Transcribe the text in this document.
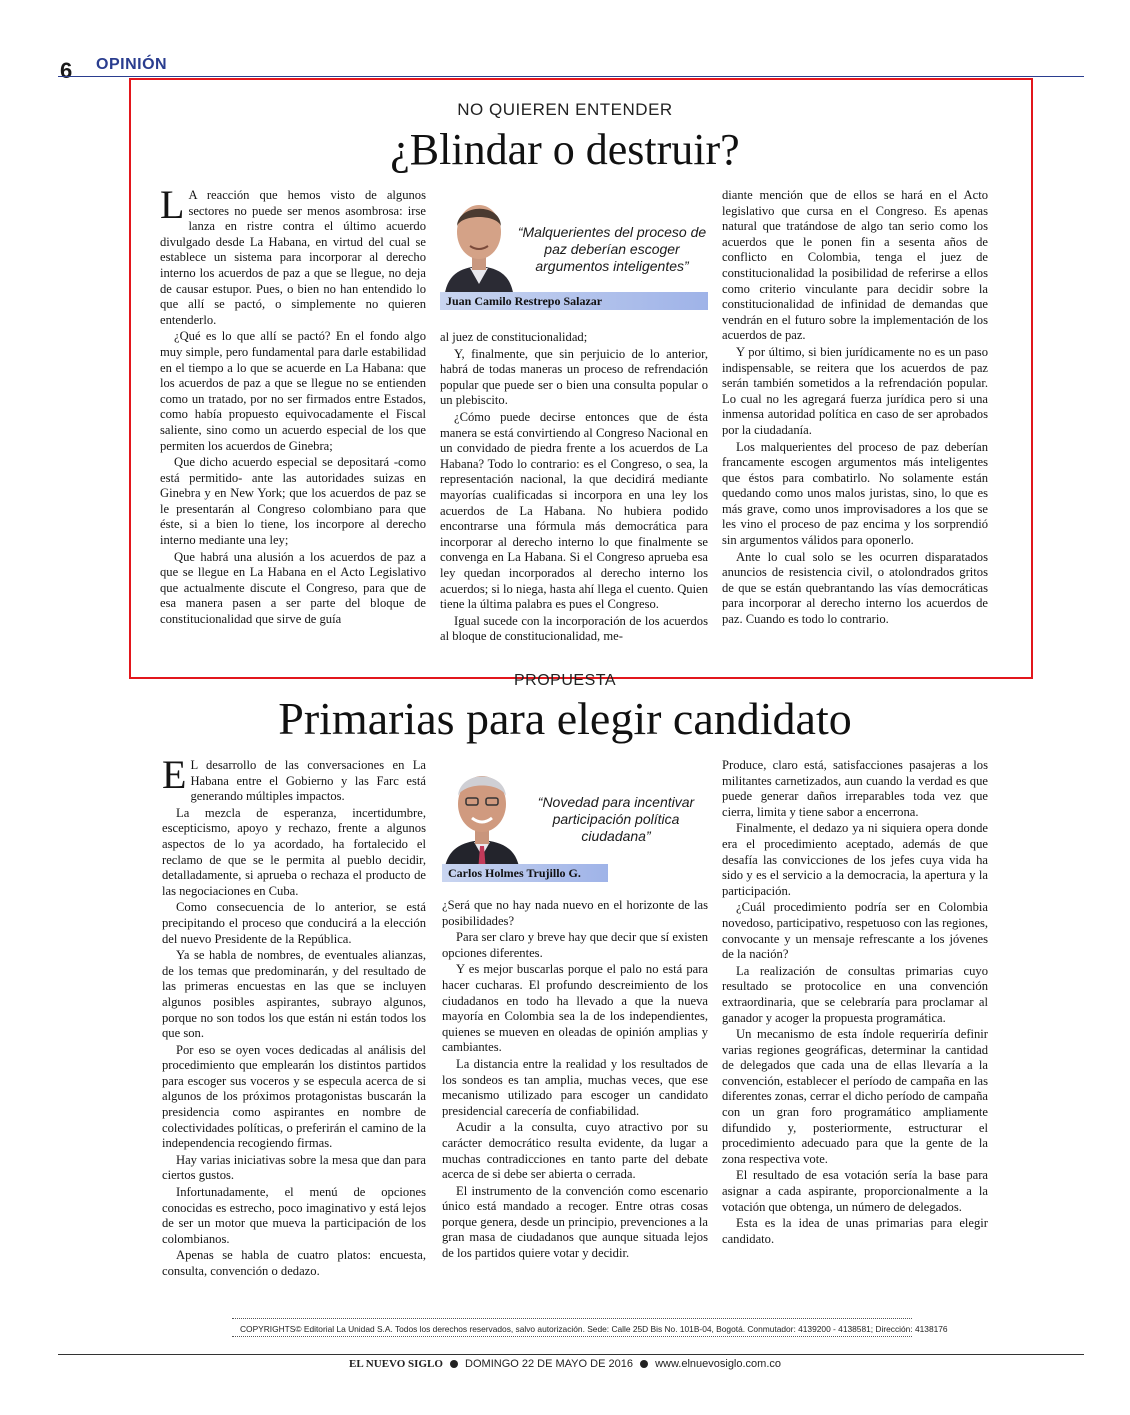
6 OPINIÓN
NO QUIEREN ENTENDER
¿Blindar o destruir?

L A reacción que hemos visto de algunos sectores no puede ser menos asombrosa: irse lanza en ristre contra el último acuerdo divulgado desde La Habana, en virtud del cual se establece un sistema para incorporar al derecho interno los acuerdos de paz a que se llegue, no deja de causar estupor. Pues, o bien no han entendido lo que allí se pactó, o simplemente no quieren entenderlo.

¿Qué es lo que allí se pactó? En el fondo algo muy simple, pero fundamental para darle estabilidad en el tiempo a lo que se acuerde en La Habana: que los acuerdos de paz a que se llegue no se entienden como un tratado, por no ser firmados entre Estados, como había propuesto equivocadamente el Fiscal saliente, sino como un acuerdo especial de los que permiten los acuerdos de Ginebra;

Que dicho acuerdo especial se depositará -como está permitido- ante las autoridades suizas en Ginebra y en New York; que los acuerdos de paz se le presentarán al Congreso colombiano para que éste, si a bien lo tiene, los incorpore al derecho interno mediante una ley;

Que habrá una alusión a los acuerdos de paz a que se llegue en La Habana en el Acto Legislativo que actualmente discute el Congreso, para que de esa manera pasen a ser parte del bloque de constitucionalidad que sirve de guía

“Malquerientes del proceso de paz deberían escoger argumentos inteligentes”
Juan Camilo Restrepo Salazar

al juez de constitucionalidad;

Y, finalmente, que sin perjuicio de lo anterior, habrá de todas maneras un proceso de refrendación popular que puede ser o bien una consulta popular o un plebiscito.

¿Cómo puede decirse entonces que de ésta manera se está convirtiendo al Congreso Nacional en un convidado de piedra frente a los acuerdos de La Habana? Todo lo contrario: es el Congreso, o sea, la representación nacional, la que decidirá mediante mayorías cualificadas si incorpora en una ley los acuerdos de La Habana. No hubiera podido encontrarse una fórmula más democrática para incorporar al derecho interno lo que finalmente se convenga en La Habana. Si el Congreso aprueba esa ley quedan incorporados al derecho interno los acuerdos; si lo niega, hasta ahí llega el cuento. Quien tiene la última palabra es pues el Congreso.

Igual sucede con la incorporación de los acuerdos al bloque de constitucionalidad, me-

diante mención que de ellos se hará en el Acto legislativo que cursa en el Congreso. Es apenas natural que tratándose de algo tan serio como los acuerdos que le ponen fin a sesenta años de conflicto en Colombia, tenga el juez de constitucionalidad la posibilidad de referirse a ellos como criterio vinculante para decidir sobre la constitucionalidad de infinidad de demandas que vendrán en el futuro sobre la implementación de los acuerdos de paz.

Y por último, si bien jurídicamente no es un paso indispensable, se reitera que los acuerdos de paz serán también sometidos a la refrendación popular. Lo cual no les agregará fuerza jurídica pero si una inmensa autoridad política en caso de ser aprobados por la ciudadanía.

Los malquerientes del proceso de paz deberían francamente escogen argumentos más inteligentes que éstos para combatirlo. No solamente están quedando como unos malos juristas, sino, lo que es más grave, como unos improvisadores a los que se les vino el proceso de paz encima y los sorprendió sin argumentos válidos para oponerlo.

Ante lo cual solo se les ocurren disparatados anuncios de resistencia civil, o atolondrados gritos de que se están quebrantando las vías democráticas para incorporar al derecho interno los acuerdos de paz. Cuando es todo lo contrario.

PROPUESTA
Primarias para elegir candidato

E L desarrollo de las conversaciones en La Habana entre el Gobierno y las Farc está generando múltiples impactos.

La mezcla de esperanza, incertidumbre, escepticismo, apoyo y rechazo, frente a algunos aspectos de lo ya acordado, ha fortalecido el reclamo de que se le permita al pueblo decidir, detalladamente, si aprueba o rechaza el producto de las negociaciones en Cuba.

Como consecuencia de lo anterior, se está precipitando el proceso que conducirá a la elección del nuevo Presidente de la República.

Ya se habla de nombres, de eventuales alianzas, de los temas que predominarán, y del resultado de las primeras encuestas en las que se incluyen algunos posibles aspirantes, subrayo algunos, porque no son todos los que están ni están todos los que son.

Por eso se oyen voces dedicadas al análisis del procedimiento que emplearán los distintos partidos para escoger sus voceros y se especula acerca de si algunos de los próximos protagonistas buscarán la presidencia como aspirantes en nombre de colectividades políticas, o preferirán el camino de la independencia recogiendo firmas.

Hay varias iniciativas sobre la mesa que dan para ciertos gustos.

Infortunadamente, el menú de opciones conocidas es estrecho, poco imaginativo y está lejos de ser un motor que mueva la participación de los colombianos.

Apenas se habla de cuatro platos: encuesta, consulta, convención o dedazo.

“Novedad para incentivar participación política ciudadana”
Carlos Holmes Trujillo G.

¿Será que no hay nada nuevo en el horizonte de las posibilidades?

Para ser claro y breve hay que decir que sí existen opciones diferentes.

Y es mejor buscarlas porque el palo no está para hacer cucharas. El profundo descreimiento de los ciudadanos en todo ha llevado a que la nueva mayoría en Colombia sea la de los independientes, quienes se mueven en oleadas de opinión amplias y cambiantes.

La distancia entre la realidad y los resultados de los sondeos es tan amplia, muchas veces, que ese mecanismo utilizado para escoger un candidato presidencial carecería de confiabilidad.

Acudir a la consulta, cuyo atractivo por su carácter democrático resulta evidente, da lugar a muchas contradicciones en tanto parte del debate acerca de si debe ser abierta o cerrada.

El instrumento de la convención como escenario único está mandado a recoger. Entre otras cosas porque genera, desde un principio, prevenciones a la gran masa de ciudadanos que aunque situada lejos de los partidos quiere votar y decidir.

Produce, claro está, satisfacciones pasajeras a los militantes carnetizados, aun cuando la verdad es que puede generar daños irreparables toda vez que cierra, limita y tiene sabor a encerrona.

Finalmente, el dedazo ya ni siquiera opera donde era el procedimiento aceptado, además de que desafía las convicciones de los jefes cuya vida ha sido y es el servicio a la democracia, la apertura y la participación.

¿Cuál procedimiento podría ser en Colombia novedoso, participativo, respetuoso con las regiones, convocante y un mensaje refrescante a los jóvenes de la nación?

La realización de consultas primarias cuyo resultado se protocolice en una convención extraordinaria, que se celebraría para proclamar al ganador y acoger la propuesta programática.

Un mecanismo de esta índole requeriría definir varias regiones geográficas, determinar la cantidad de delegados que cada una de ellas llevaría a la convención, establecer el período de campaña en las diferentes zonas, cerrar el dicho período de campaña con un gran foro programático ampliamente difundido y, posteriormente, estructurar el procedimiento adecuado para que la gente de la zona respectiva vote.

El resultado de esa votación sería la base para asignar a cada aspirante, proporcionalmente a la votación que obtenga, un número de delegados.

Esta es la idea de unas primarias para elegir candidato.

COPYRIGHTS© Editorial La Unidad S.A. Todos los derechos reservados, salvo autorización. Sede: Calle 25D Bis No. 101B-04, Bogotá. Conmutador: 4139200 - 4138581; Dirección: 4138176
EL NUEVO SIGLO DOMINGO 22 DE MAYO DE 2016 www.elnuevosiglo.com.co
